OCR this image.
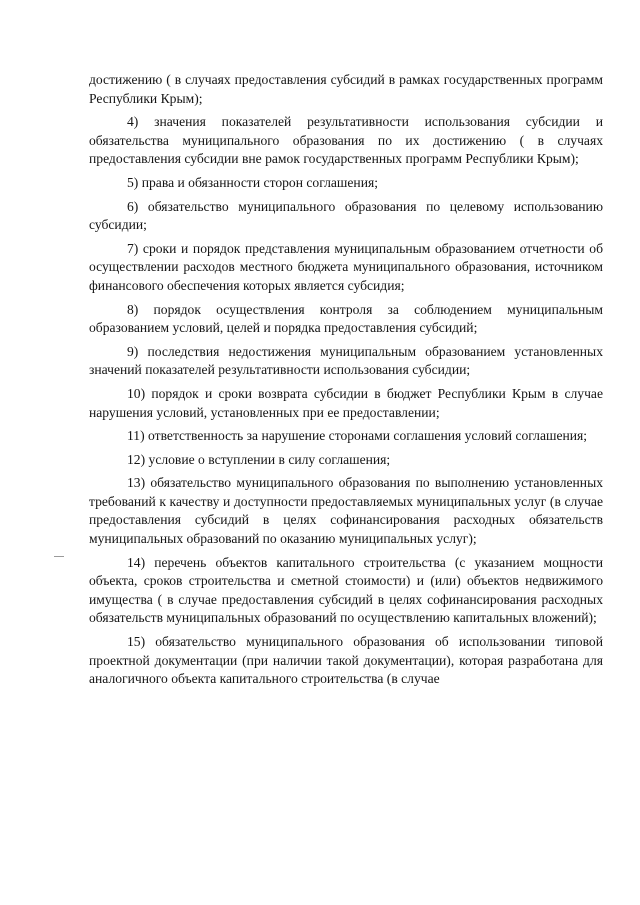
достижению ( в случаях предоставления субсидий в рамках государственных программ Республики Крым);

4) значения показателей результативности использования субсидии и обязательства муниципального образования по их достижению ( в случаях предоставления субсидии вне рамок государственных программ Республики Крым);

5) права и обязанности сторон соглашения;

6) обязательство муниципального образования по целевому использованию субсидии;

7) сроки и порядок представления муниципальным образованием отчетности об осуществлении расходов местного бюджета муниципального образования, источником финансового обеспечения которых является субсидия;

8) порядок осуществления контроля за соблюдением муниципальным образованием условий, целей и порядка предоставления субсидий;

9) последствия недостижения муниципальным образованием установленных значений показателей результативности использования субсидии;

10) порядок и сроки возврата субсидии в бюджет Республики Крым в случае нарушения условий, установленных при ее предоставлении;

11) ответственность за нарушение сторонами соглашения условий соглашения;

12) условие о вступлении в силу соглашения;

13) обязательство муниципального образования по выполнению установленных требований к качеству и доступности предоставляемых муниципальных услуг (в случае предоставления субсидий в целях софинансирования расходных обязательств муниципальных образований по оказанию муниципальных услуг);

14) перечень объектов капитального строительства (с указанием мощности объекта, сроков строительства и сметной стоимости) и (или) объектов недвижимого имущества ( в случае предоставления субсидий в целях софинансирования расходных обязательств муниципальных образований по осуществлению капитальных вложений);

15) обязательство муниципального образования об использовании типовой проектной документации (при наличии такой документации), которая разработана для аналогичного объекта капитального строительства (в случае
